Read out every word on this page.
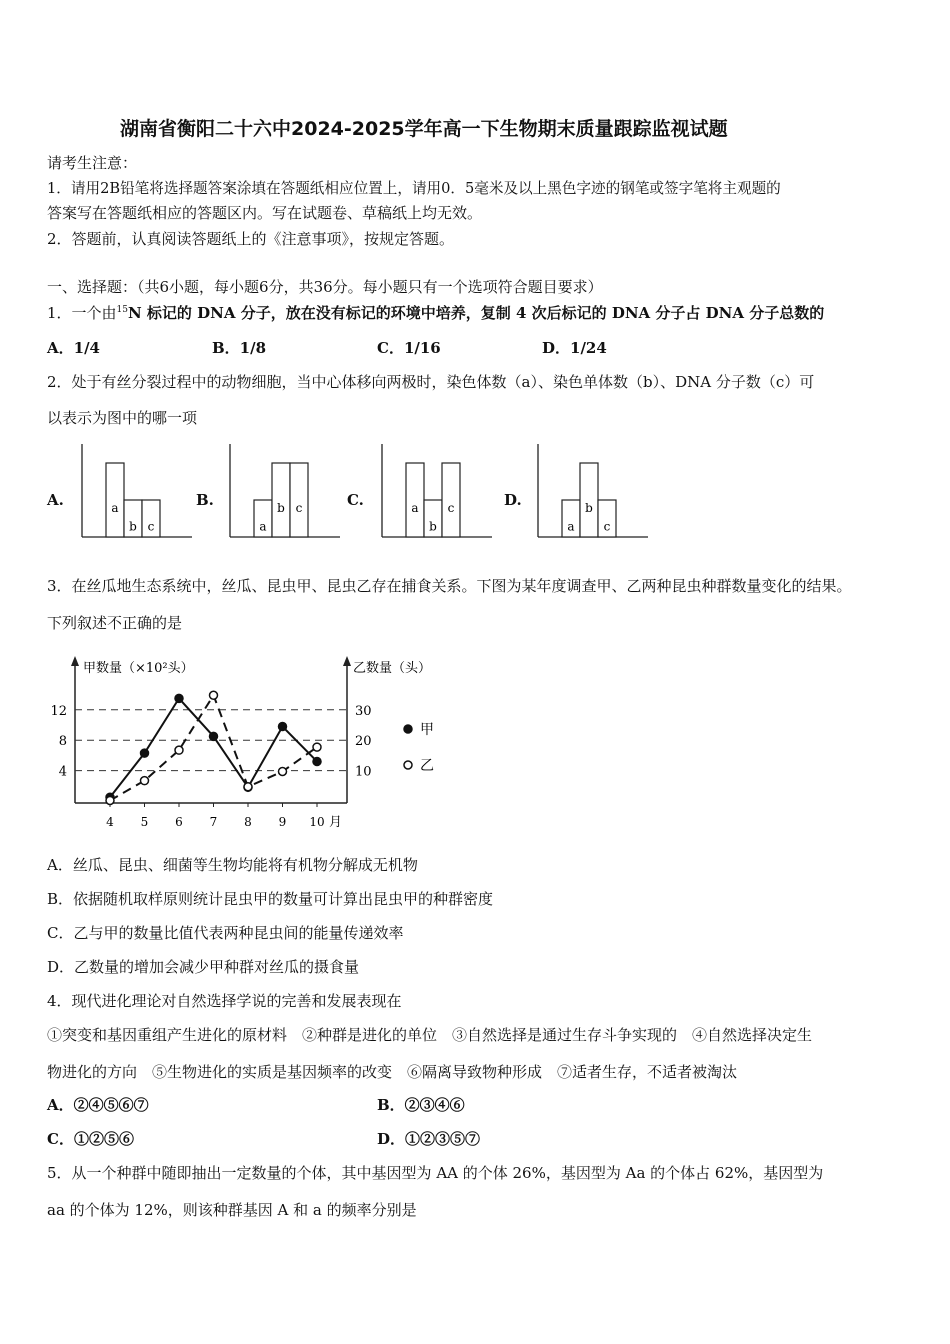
湖南省衡阳二十六中2024-2025学年高一下生物期末质量跟踪监视试题
请考生注意：
1．请用2B铅笔将选择题答案涂填在答题纸相应位置上，请用0．5毫米及以上黑色字迹的钢笔或签字笔将主观题的
答案写在答题纸相应的答题区内。写在试题卷、草稿纸上均无效。
2．答题前，认真阅读答题纸上的《注意事项》，按规定答题。
一、选择题：（共6小题，每小题6分，共36分。每小题只有一个选项符合题目要求）
1．一个由$^{15}$N 标记的 DNA 分子，放在没有标记的环境中培养，复制 4 次后标记的 DNA 分子占 DNA 分子总数的
A．1/4	B．1/8	C．1/16	D．1/24
2．处于有丝分裂过程中的动物细胞，当中心体移向两极时，染色体数（a）、染色单体数（b）、DNA 分子数（c）可
以表示为图中的哪一项
A.	B.	C.	D.
a
b c	a
b c	a
b
c
a
b
c
3．在丝瓜地生态系统中，丝瓜、昆虫甲、昆虫乙存在捕食关系。下图为某年度调查甲、乙两种昆虫种群数量变化的结果。
下列叙述不正确的是
甲数量（×10²头）	乙数量（头）
4	10
8	20
12	30
4 5 6 7 8 9 10 月
甲
乙
A．丝瓜、昆虫、细菌等生物均能将有机物分解成无机物
B．依据随机取样原则统计昆虫甲的数量可计算出昆虫甲的种群密度
C．乙与甲的数量比值代表两种昆虫间的能量传递效率
D．乙数量的增加会减少甲种群对丝瓜的摄食量
4．现代进化理论对自然选择学说的完善和发展表现在
①突变和基因重组产生进化的原材料　②种群是进化的单位　③自然选择是通过生存斗争实现的　④自然选择决定生
物进化的方向　⑤生物进化的实质是基因频率的改变　⑥隔离导致物种形成　⑦适者生存，不适者被淘汰
A．②④⑤⑥⑦	B．②③④⑥
C．①②⑤⑥	D．①②③⑤⑦
5．从一个种群中随即抽出一定数量的个体，其中基因型为 AA 的个体 26%，基因型为 Aa 的个体占 62%，基因型为
aa 的个体为 12%，则该种群基因 A 和 a 的频率分别是
